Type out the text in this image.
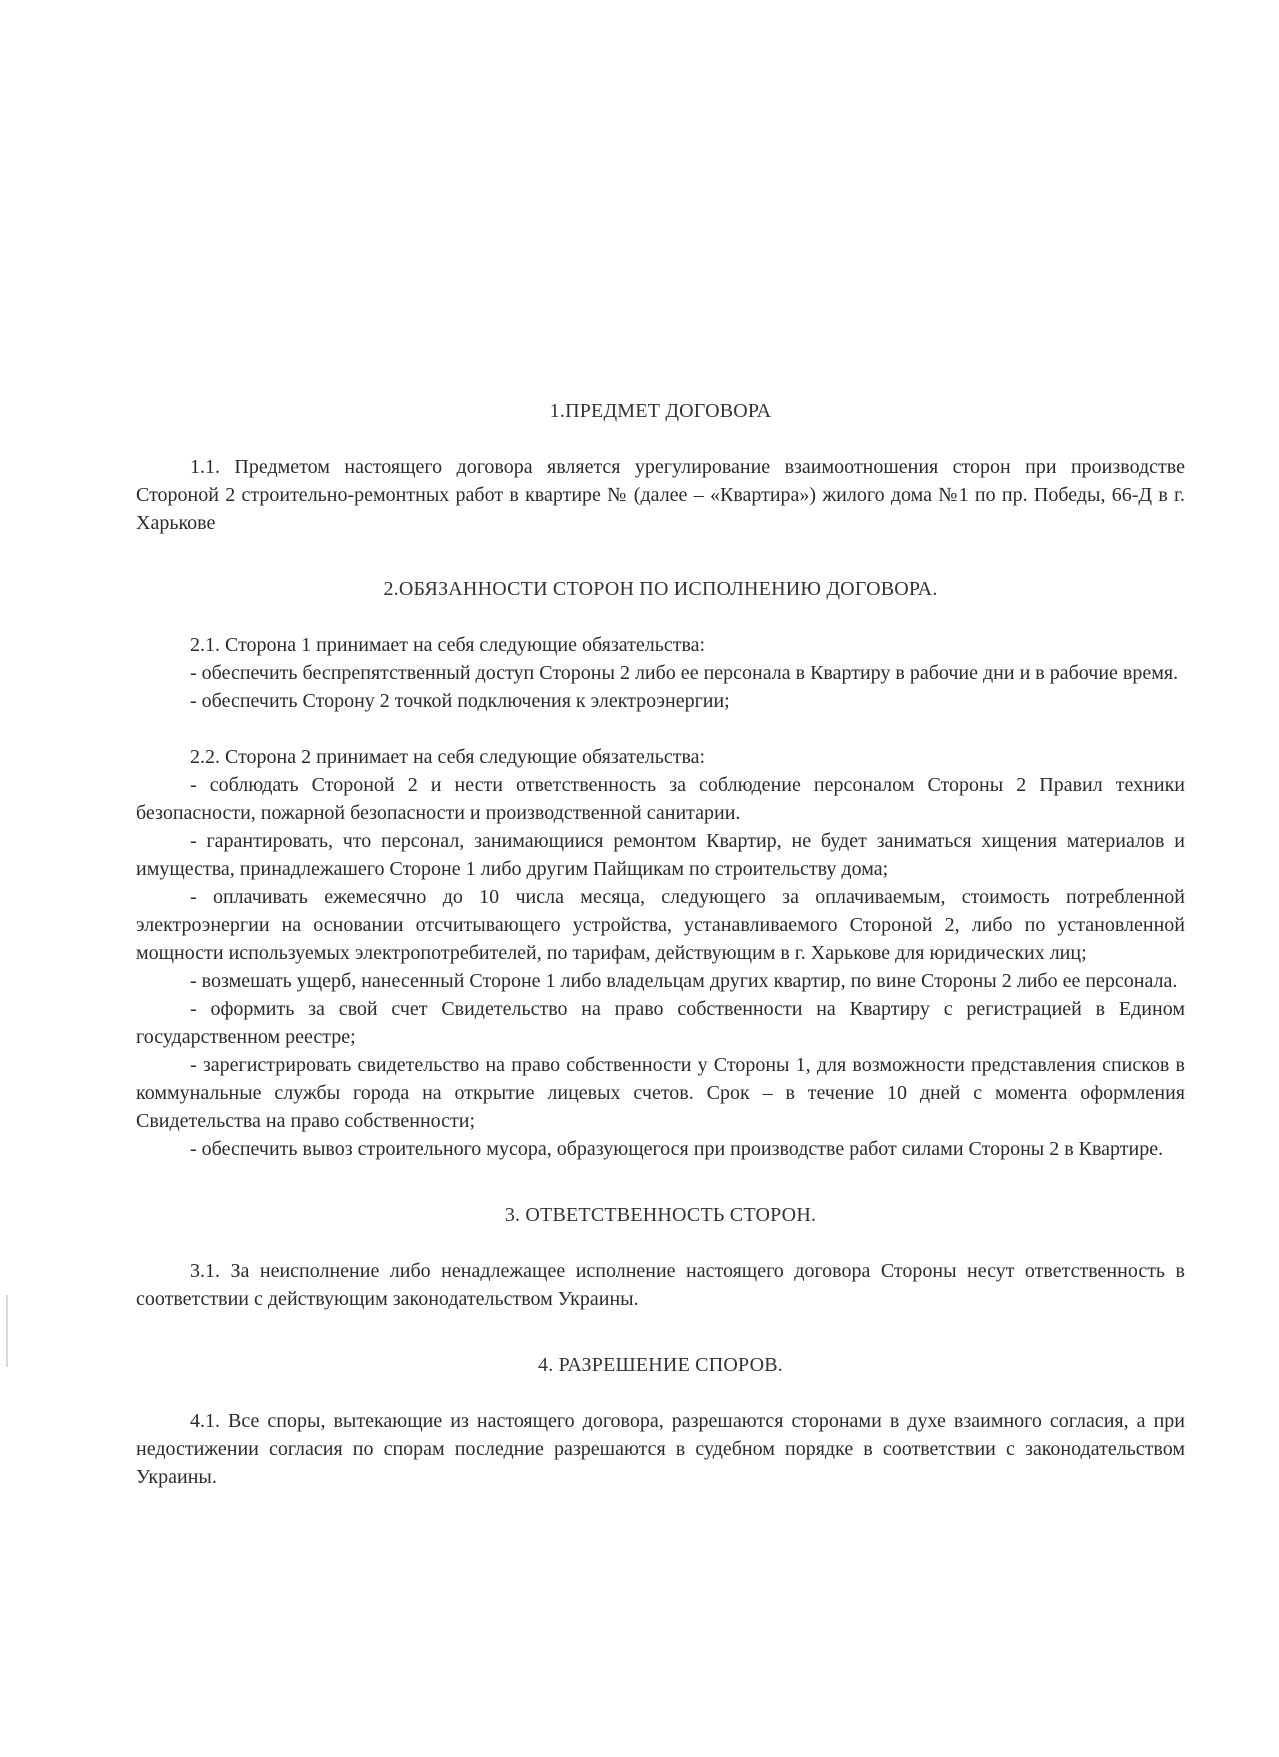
1.ПРЕДМЕТ ДОГОВОРА

1.1. Предметом настоящего договора является урегулирование взаимоотношения сторон при производстве Стороной 2 строительно-ремонтных работ в квартире № (далее – «Квартира») жилого дома №1 по пр. Победы, 66-Д в г. Харькове

2.ОБЯЗАННОСТИ СТОРОН ПО ИСПОЛНЕНИЮ ДОГОВОРА.

2.1. Сторона 1 принимает на себя следующие обязательства:

- обеспечить беспрепятственный доступ Стороны 2 либо ее персонала в Квартиру в рабочие дни и в рабочие время.

- обеспечить Сторону 2 точкой подключения к электроэнергии;

2.2. Сторона 2 принимает на себя следующие обязательства:

- соблюдать Стороной 2 и нести ответственность за соблюдение персоналом Стороны 2 Правил техники безопасности, пожарной безопасности и производственной санитарии.

- гарантировать, что персонал, занимающиися ремонтом Квартир, не будет заниматься хищения материалов и имущества, принадлежашего Стороне 1 либо другим Пайщикам по строительству дома;

- оплачивать ежемесячно до 10 числа месяца, следующего за оплачиваемым, стоимость потребленной электроэнергии на основании отсчитывающего устройства, устанавливаемого Стороной 2, либо по установленной мощности используемых электропотребителей, по тарифам, действующим в г. Харькове для юридических лиц;

- возмешать ущерб, нанесенный Стороне 1 либо владельцам других квартир, по вине Стороны 2 либо ее персонала.

- оформить за свой счет Свидетельство на право собственности на Квартиру с регистрацией в Едином государственном реестре;

- зарегистрировать свидетельство на право собственности у Стороны 1, для возможности представления списков в коммунальные службы города на открытие лицевых счетов. Срок – в течение 10 дней с момента оформления Свидетельства на право собственности;

- обеспечить вывоз строительного мусора, образующегося при производстве работ силами Стороны 2 в Квартире.

3. ОТВЕТСТВЕННОСТЬ СТОРОН.

3.1. За неисполнение либо ненадлежащее исполнение настоящего договора Стороны несут ответственность в соответствии с действующим законодательством Украины.

4. РАЗРЕШЕНИЕ СПОРОВ.

4.1. Все споры, вытекающие из настоящего договора, разрешаются сторонами в духе взаимного согласия, а при недостижении согласия по спорам последние разрешаются в судебном порядке в соответствии с законодательством Украины.
